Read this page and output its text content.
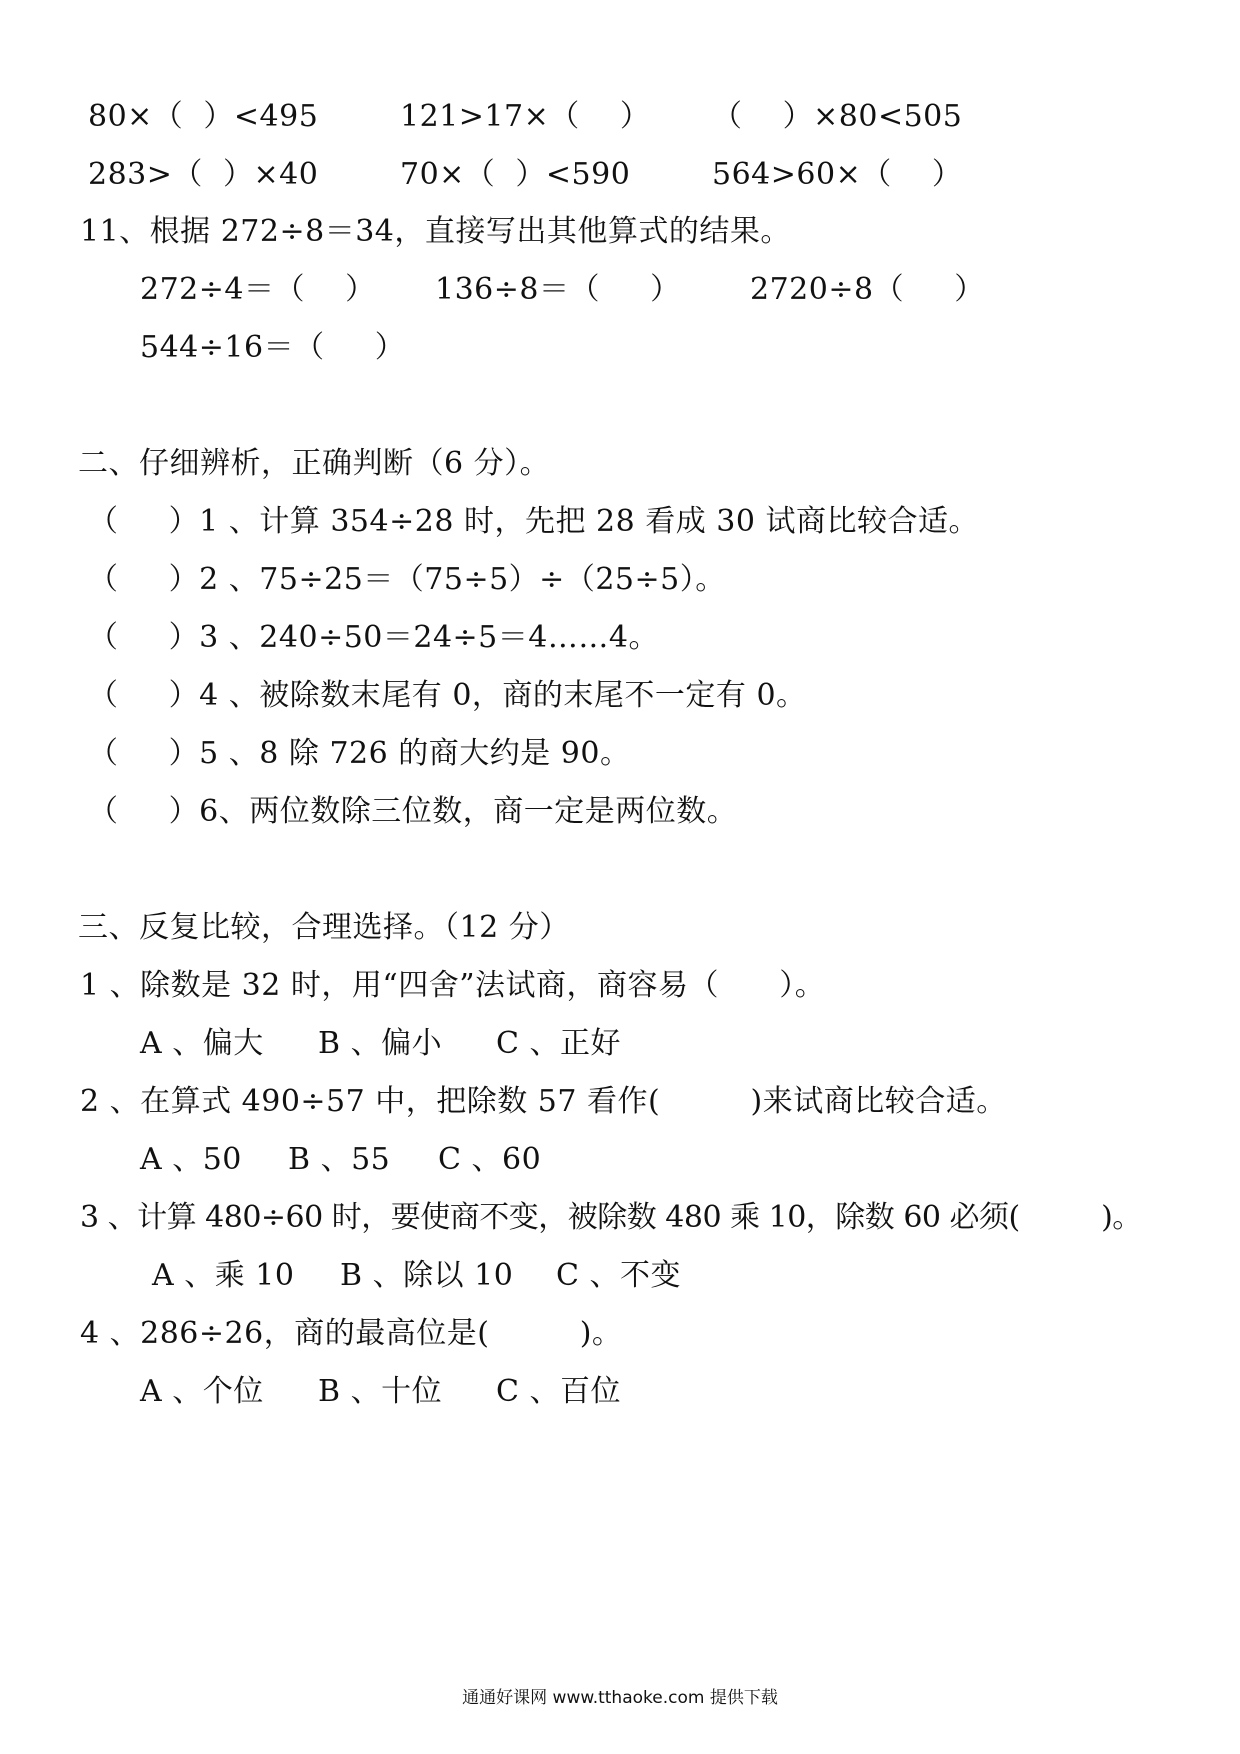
80×（  ）<495

	121>17×（    ）

（    ）×80<505

283>（  ）×40

	70×（  ）<590

	564>60×（    ）

11、根据 272÷8＝34，直接写出其他算式的结果。

272÷4＝（    ）

136÷8＝（     ）

2720÷8（     ）

544÷16＝（     ）

二、仔细辨析，正确判断（6 分）。

（     ）1 、计算 354÷28 时，先把 28 看成 30 试商比较合适。

（     ）2 、75÷25＝（75÷5）÷（25÷5）。

（     ）3 、240÷50＝24÷5＝4……4。

（     ）4 、被除数末尾有 0，商的末尾不一定有 0。

（     ）5 、8 除 726 的商大约是 90。

（     ）6、两位数除三位数，商一定是两位数。

三、反复比较，合理选择。（12 分）

1 、除数是 32 时，用“四舍”法试商，商容易（      ）。

A 、偏大

B 、偏小

C 、正好

2 、在算式 490÷57 中，把除数 57 看作(         )来试商比较合适。

A 、50

B 、55

C 、60

3 、计算 480÷60 时，要使商不变，被除数 480 乘 10，除数 60 必须(         )。

A 、乘 10

B 、除以 10

C 、不变

4 、286÷26，商的最高位是(         )。

A 、个位

B 、十位

C 、百位

通通好课网 www.tthaoke.com 提供下载
